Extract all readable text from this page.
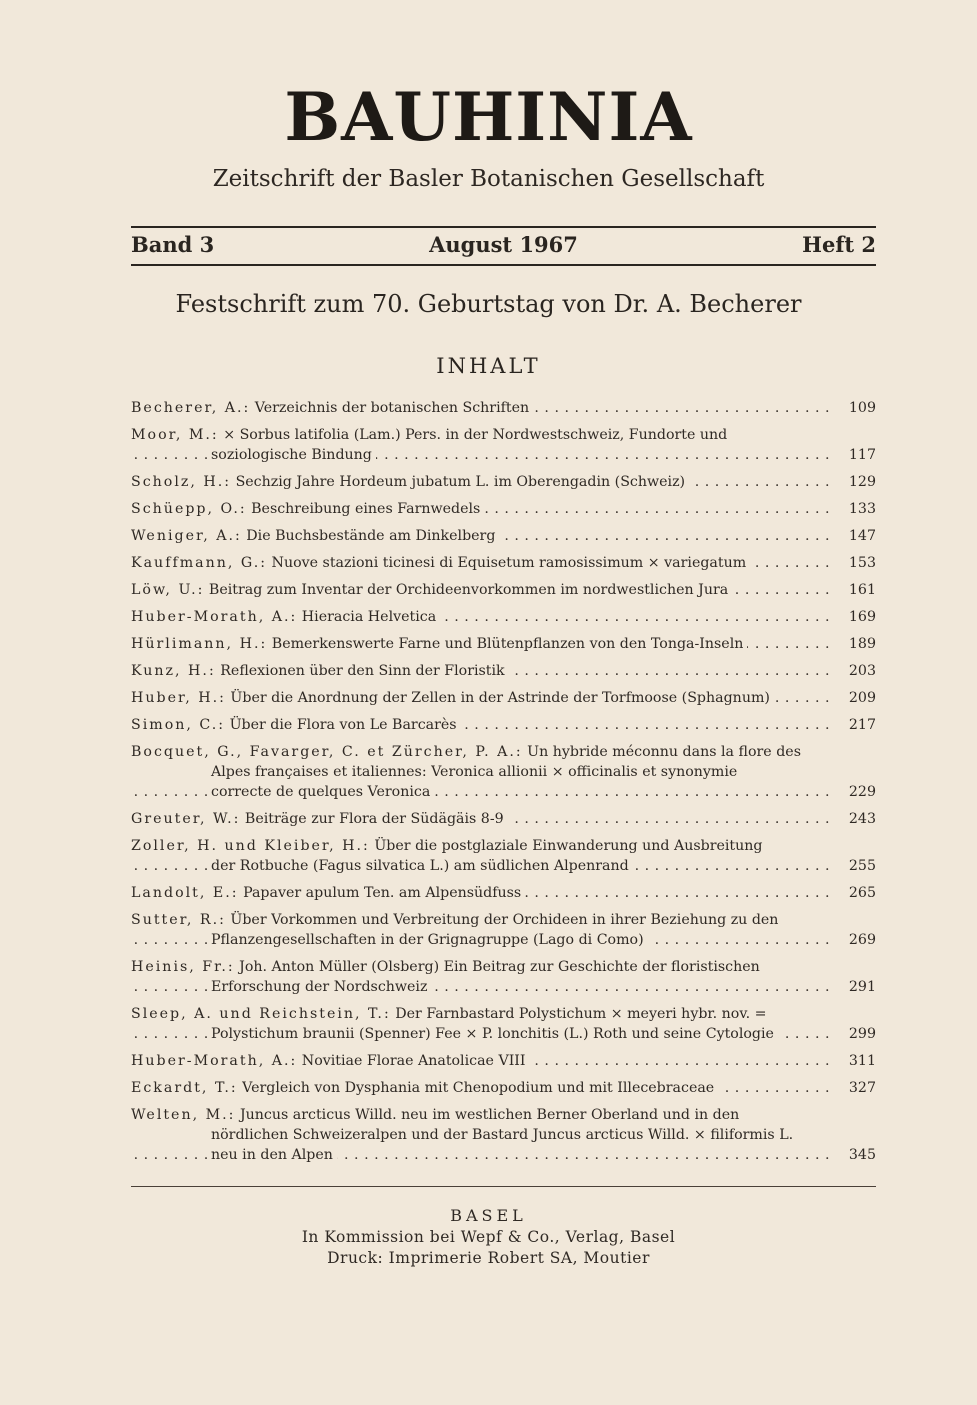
BAUHINIA
Zeitschrift der Basler Botanischen Gesellschaft
Band 3	August 1967	Heft 2
Festschrift zum 70. Geburtstag von Dr. A. Becherer
INHALT
. . . Becherer, A.: Verzeichnis der botanischen Schriften	109
Moor, M.: × Sorbus latifolia (Lam.) Pers. in der Nordwestschweiz, Fundorte und
. . . soziologische Bindung	117
. . . Scholz, H.: Sechzig Jahre Hordeum jubatum L. im Oberengadin (Schweiz)	129
. . . Schüepp, O.: Beschreibung eines Farnwedels	133
. . . Weniger, A.: Die Buchsbestände am Dinkelberg	147
. . . Kauffmann, G.: Nuove stazioni ticinesi di Equisetum ramosissimum × variegatum	153
. . . Löw, U.: Beitrag zum Inventar der Orchideenvorkommen im nordwestlichen Jura	161
. . . Huber-Morath, A.: Hieracia Helvetica	169
. . . Hürlimann, H.: Bemerkenswerte Farne und Blütenpflanzen von den Tonga-Inseln	189
. . . Kunz, H.: Reflexionen über den Sinn der Floristik	203
. . . Huber, H.: Über die Anordnung der Zellen in der Astrinde der Torfmoose (Sphagnum)	209
. . . Simon, C.: Über die Flora von Le Barcarès	217
Bocquet, G., Favarger, C. et Zürcher, P. A.: Un hybride méconnu dans la flore des
Alpes françaises et italiennes: Veronica allionii × officinalis et synonymie
. . . correcte de quelques Veronica	229
. . . Greuter, W.: Beiträge zur Flora der Südägäis 8-9	243
Zoller, H. und Kleiber, H.: Über die postglaziale Einwanderung und Ausbreitung
. . . der Rotbuche (Fagus silvatica L.) am südlichen Alpenrand	255
. . . Landolt, E.: Papaver apulum Ten. am Alpensüdfuss	265
Sutter, R.: Über Vorkommen und Verbreitung der Orchideen in ihrer Beziehung zu den
. . . Pflanzengesellschaften in der Grignagruppe (Lago di Como)	269
Heinis, Fr.: Joh. Anton Müller (Olsberg) Ein Beitrag zur Geschichte der floristischen
. . . Erforschung der Nordschweiz	291
Sleep, A. und Reichstein, T.: Der Farnbastard Polystichum × meyeri hybr. nov. =
. . . Polystichum braunii (Spenner) Fee × P. lonchitis (L.) Roth und seine Cytologie	299
. . . Huber-Morath, A.: Novitiae Florae Anatolicae VIII	311
. . . Eckardt, T.: Vergleich von Dysphania mit Chenopodium und mit Illecebraceae	327
Welten, M.: Juncus arcticus Willd. neu im westlichen Berner Oberland und in den
nördlichen Schweizeralpen und der Bastard Juncus arcticus Willd. × filiformis L.
. . . neu in den Alpen	345
BASEL
In Kommission bei Wepf & Co., Verlag, Basel
Druck: Imprimerie Robert SA, Moutier
